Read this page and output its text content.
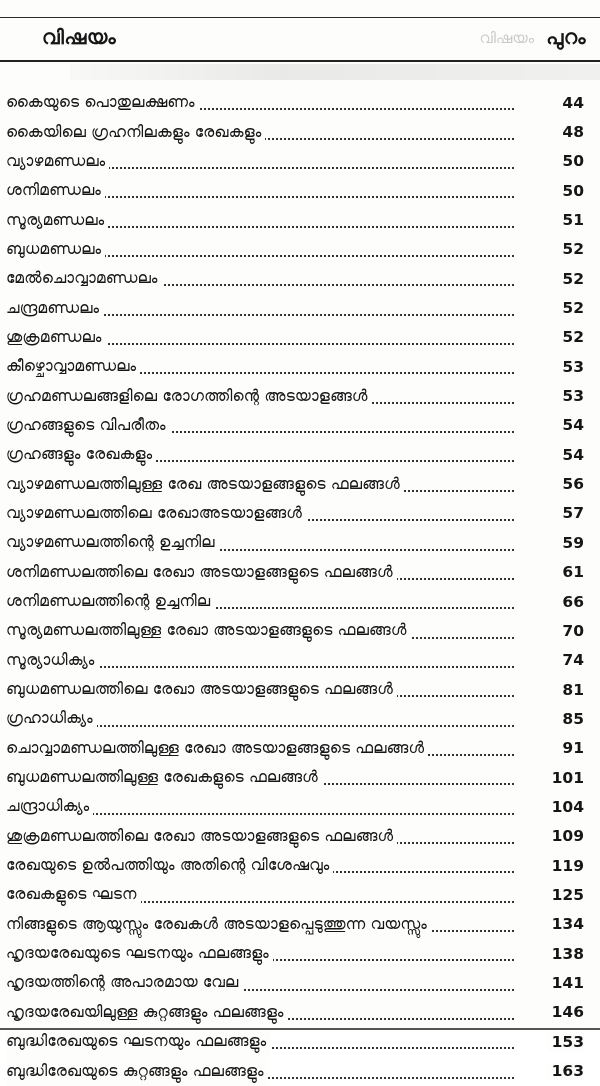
വിഷയം	വിഷയം പുറം
കൈയുടെ പൊതുലക്ഷണം	44
കൈയിലെ ഗ്രഹനിലകളും രേഖകളും	48
വ്യാഴമണ്ഡലം	50
ശനിമണ്ഡലം	50
സൂര്യമണ്ഡലം	51
ബുധമണ്ഡലം	52
മേൽചൊവ്വാമണ്ഡലം	52
ചന്ദ്രമണ്ഡലം	52
ശുക്രമണ്ഡലം	52
കീഴ്ചൊവ്വാമണ്ഡലം	53
ഗ്രഹമണ്ഡലങ്ങളിലെ രോഗത്തിന്റെ അടയാളങ്ങൾ	53
ഗ്രഹങ്ങളുടെ വിപരീതം	54
ഗ്രഹങ്ങളും രേഖകളും	54
വ്യാഴമണ്ഡലത്തിലുള്ള രേഖ അടയാളങ്ങളുടെ ഫലങ്ങൾ	56
വ്യാഴമണ്ഡലത്തിലെ രേഖാഅടയാളങ്ങൾ	57
വ്യാഴമണ്ഡലത്തിന്റെ ഉച്ചനില	59
ശനിമണ്ഡലത്തിലെ രേഖാ അടയാളങ്ങളുടെ ഫലങ്ങൾ	61
ശനിമണ്ഡലത്തിന്റെ ഉച്ചനില	66
സൂര്യമണ്ഡലത്തിലുള്ള രേഖാ അടയാളങ്ങളുടെ ഫലങ്ങൾ	70
സൂര്യാധിക്യം	74
ബുധമണ്ഡലത്തിലെ രേഖാ അടയാളങ്ങളുടെ ഫലങ്ങൾ	81
ഗ്രഹാധിക്യം	85
ചൊവ്വാമണ്ഡലത്തിലുള്ള രേഖാ അടയാളങ്ങളുടെ ഫലങ്ങൾ	91
ബുധമണ്ഡലത്തിലുള്ള രേഖകളുടെ ഫലങ്ങൾ	101
ചന്ദ്രാധിക്യം	104
ശുക്രമണ്ഡലത്തിലെ രേഖാ അടയാളങ്ങളുടെ ഫലങ്ങൾ	109
രേഖയുടെ ഉൽപത്തിയും അതിന്റെ വിശേഷവും	119
രേഖകളുടെ ഘടന	125
നിങ്ങളുടെ ആയുസ്സും രേഖകൾ അടയാളപ്പെടുത്തുന്ന വയസ്സും	134
ഹൃദയരേഖയുടെ ഘടനയും ഫലങ്ങളും	138
ഹൃദയത്തിന്റെ അപാരമായ വേല	141
ഹൃദയരേഖയിലുള്ള കുറ്റങ്ങളും ഫലങ്ങളും	146
ബുദ്ധിരേഖയുടെ ഘടനയും ഫലങ്ങളും	153
ബുദ്ധിരേഖയുടെ കുറ്റങ്ങളും ഫലങ്ങളും	163
